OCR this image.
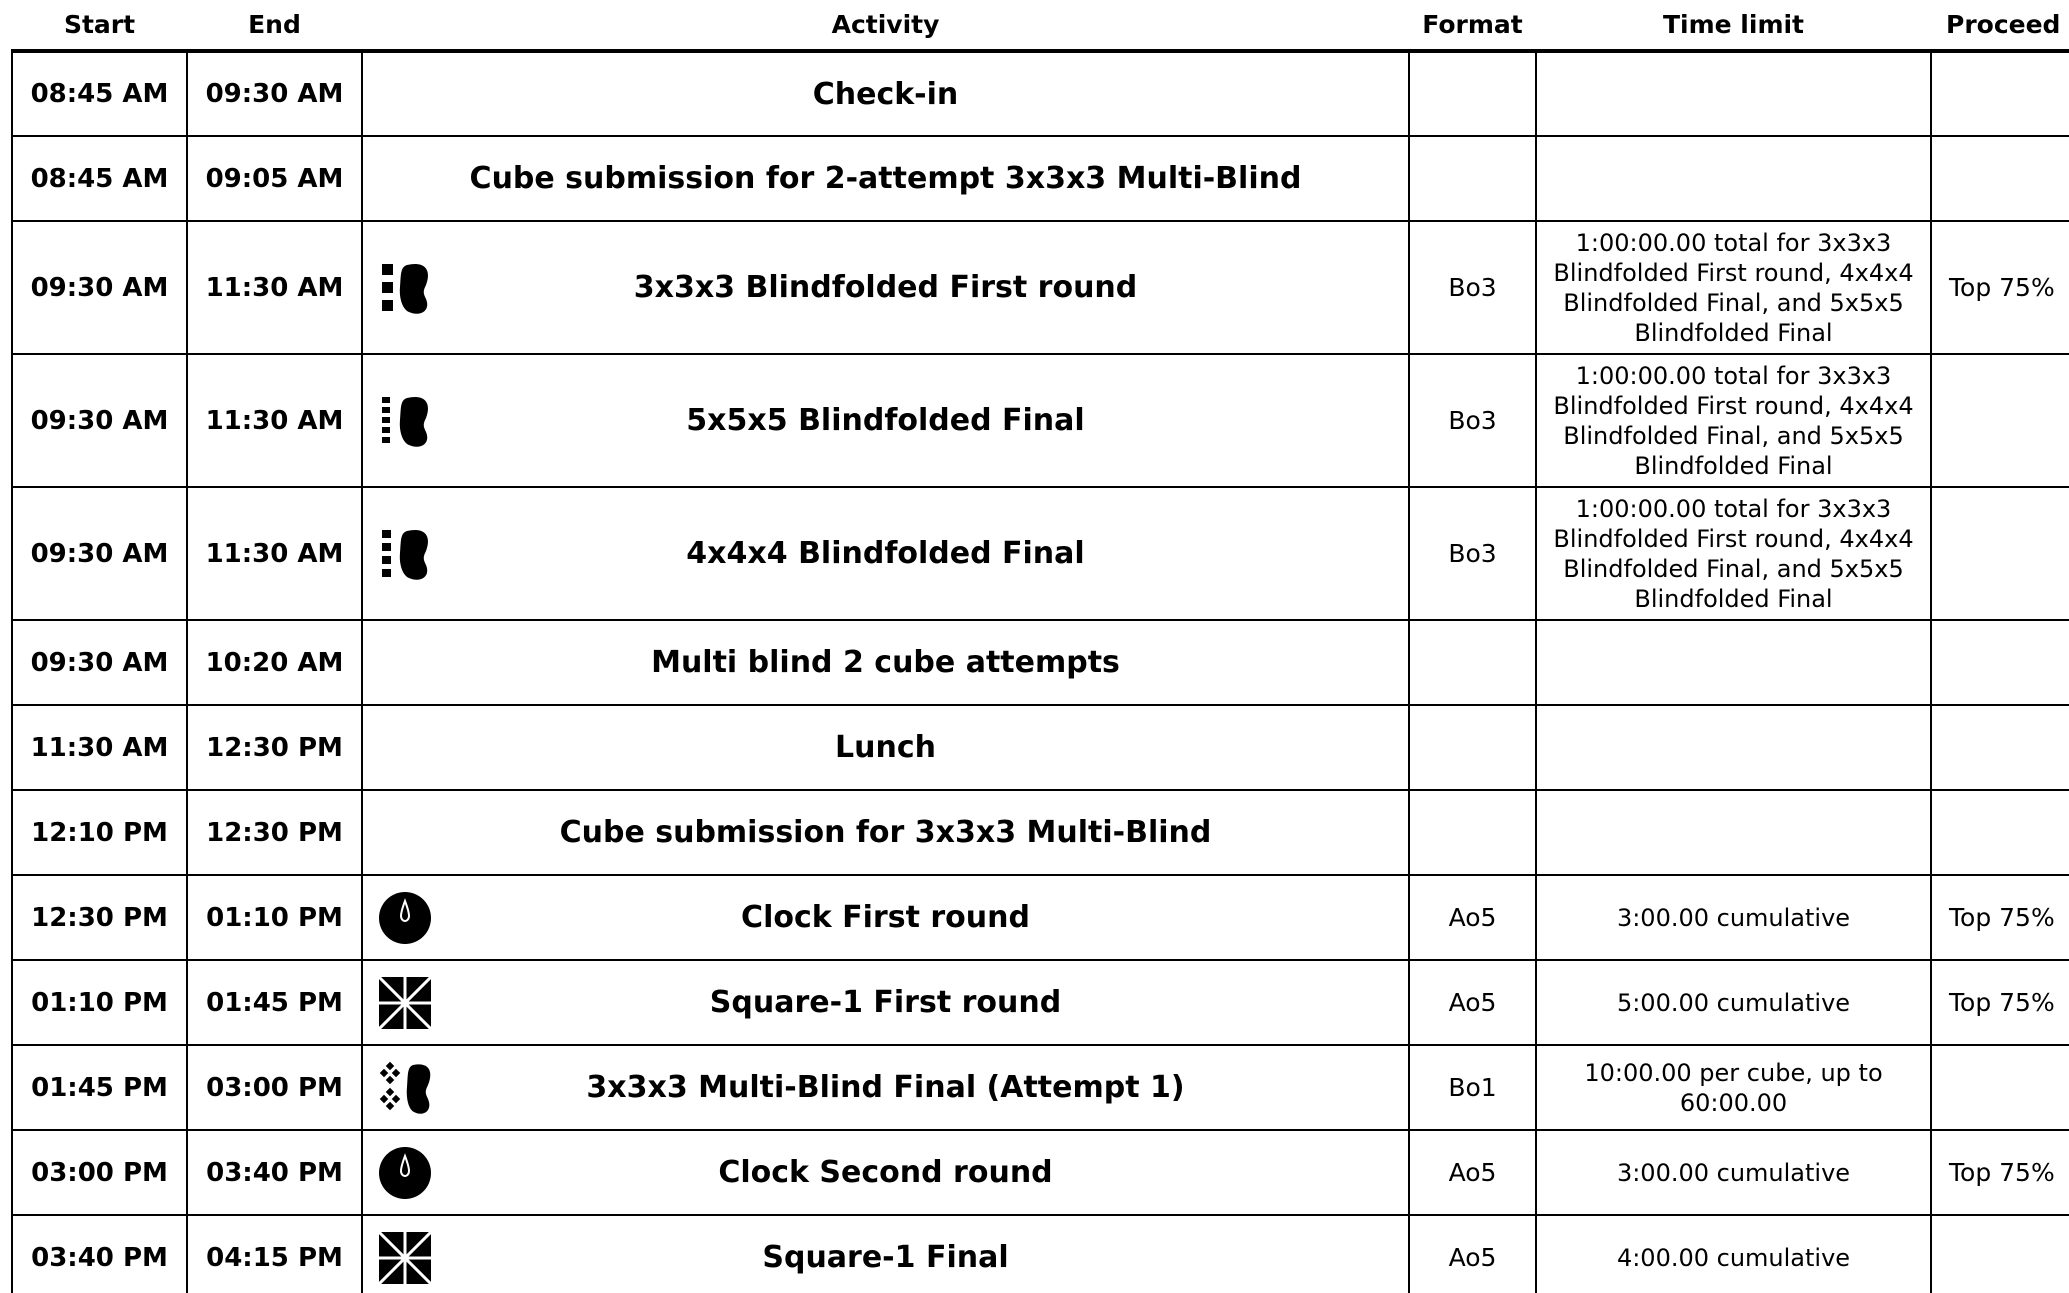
Start	End	Activity	Format	Time limit	Proceed
08:45 AM	09:30 AM	Check-in			

08:45 AM	09:05 AM	Cube submission for 2-attempt 3x3x3 Multi-Blind			

09:30 AM	11:30 AM	3x3x3 Blindfolded First round	Bo3	1:00:00.00 total for 3x3x3 Blindfolded First round, 4x4x4 Blindfolded Final, and 5x5x5 Blindfolded Final	Top 75%
09:30 AM	11:30 AM	5x5x5 Blindfolded Final	Bo3	1:00:00.00 total for 3x3x3 Blindfolded First round, 4x4x4 Blindfolded Final, and 5x5x5 Blindfolded Final	
09:30 AM	11:30 AM	4x4x4 Blindfolded Final	Bo3	1:00:00.00 total for 3x3x3 Blindfolded First round, 4x4x4 Blindfolded Final, and 5x5x5 Blindfolded Final	
09:30 AM	10:20 AM	Multi blind 2 cube attempts			

11:30 AM	12:30 PM	Lunch			

12:10 PM	12:30 PM	Cube submission for 3x3x3 Multi-Blind			

12:30 PM	01:10 PM	Clock First round	Ao5	3:00.00 cumulative	Top 75%
01:10 PM	01:45 PM	Square-1 First round	Ao5	5:00.00 cumulative	Top 75%
01:45 PM	03:00 PM	3x3x3 Multi-Blind Final (Attempt 1)	Bo1	10:00.00 per cube, up to 60:00.00	
03:00 PM	03:40 PM	Clock Second round	Ao5	3:00.00 cumulative	Top 75%
03:40 PM	04:15 PM	Square-1 Final	Ao5	4:00.00 cumulative	
